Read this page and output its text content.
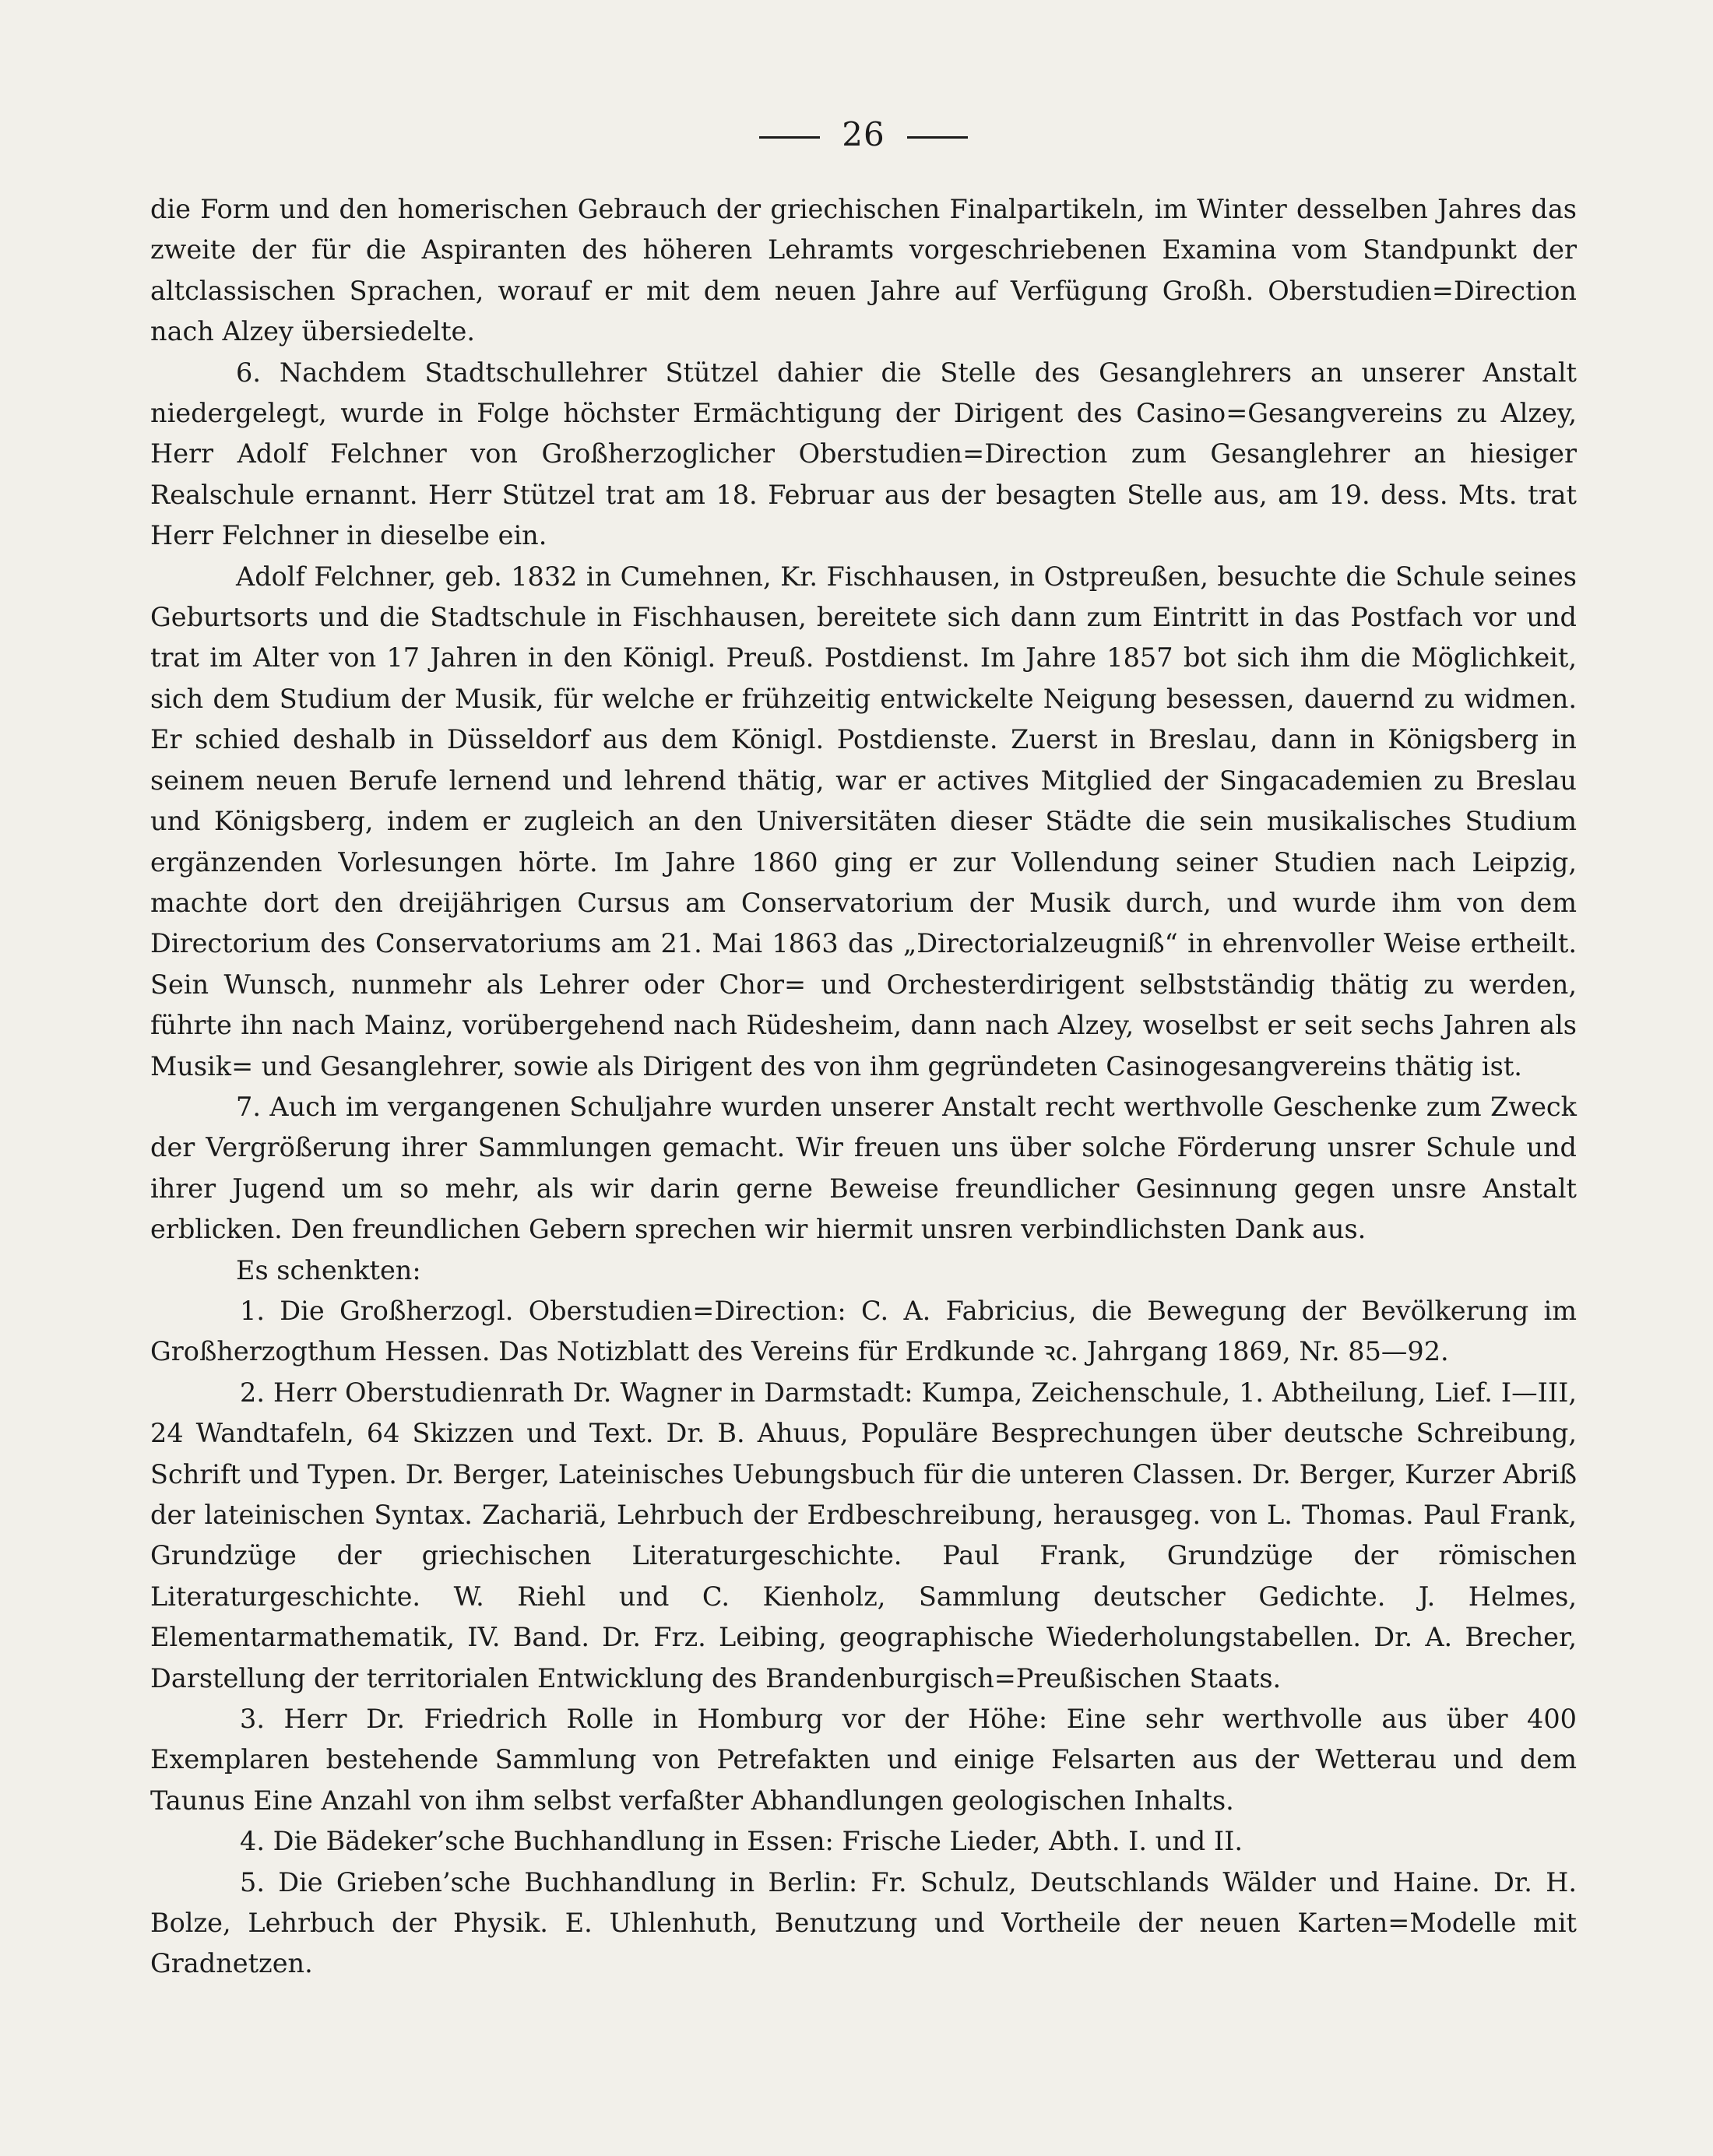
26

die Form und den homerischen Gebrauch der griechischen Finalpartikeln, im Winter desselben Jahres das zweite der für die Aspiranten des höheren Lehramts vorgeschriebenen Examina vom Standpunkt der altclassischen Sprachen, worauf er mit dem neuen Jahre auf Verfügung Großh. Oberstudien=Direction nach Alzey übersiedelte.

6. Nachdem Stadtschullehrer Stützel dahier die Stelle des Gesanglehrers an unserer Anstalt niedergelegt, wurde in Folge höchster Ermächtigung der Dirigent des Casino=Gesangvereins zu Alzey, Herr Adolf Felchner von Großherzoglicher Oberstudien=Direction zum Gesanglehrer an hiesiger Realschule ernannt. Herr Stützel trat am 18. Februar aus der besagten Stelle aus, am 19. dess. Mts. trat Herr Felchner in dieselbe ein.

Adolf Felchner, geb. 1832 in Cumehnen, Kr. Fischhausen, in Ostpreußen, besuchte die Schule seines Geburtsorts und die Stadtschule in Fischhausen, bereitete sich dann zum Eintritt in das Postfach vor und trat im Alter von 17 Jahren in den Königl. Preuß. Postdienst. Im Jahre 1857 bot sich ihm die Möglichkeit, sich dem Studium der Musik, für welche er frühzeitig entwickelte Neigung besessen, dauernd zu widmen. Er schied deshalb in Düsseldorf aus dem Königl. Postdienste. Zuerst in Breslau, dann in Königsberg in seinem neuen Berufe lernend und lehrend thätig, war er actives Mitglied der Singacademien zu Breslau und Königsberg, indem er zugleich an den Universitäten dieser Städte die sein musikalisches Studium ergänzenden Vorlesungen hörte. Im Jahre 1860 ging er zur Vollendung seiner Studien nach Leipzig, machte dort den dreijährigen Cursus am Conservatorium der Musik durch, und wurde ihm von dem Directorium des Conservatoriums am 21. Mai 1863 das „Directorialzeugniß“ in ehrenvoller Weise ertheilt. Sein Wunsch, nunmehr als Lehrer oder Chor= und Orchesterdirigent selbstständig thätig zu werden, führte ihn nach Mainz, vorübergehend nach Rüdesheim, dann nach Alzey, woselbst er seit sechs Jahren als Musik= und Gesanglehrer, sowie als Dirigent des von ihm gegründeten Casinogesangvereins thätig ist.

7. Auch im vergangenen Schuljahre wurden unserer Anstalt recht werthvolle Geschenke zum Zweck der Vergrößerung ihrer Sammlungen gemacht. Wir freuen uns über solche Förderung unsrer Schule und ihrer Jugend um so mehr, als wir darin gerne Beweise freundlicher Gesinnung gegen unsre Anstalt erblicken. Den freundlichen Gebern sprechen wir hiermit unsren verbindlichsten Dank aus.

Es schenkten:

1. Die Großherzogl. Oberstudien=Direction: C. A. Fabricius, die Bewegung der Bevölkerung im Großherzogthum Hessen. Das Notizblatt des Vereins für Erdkunde ꝛc. Jahrgang 1869, Nr. 85—92.

2. Herr Oberstudienrath Dr. Wagner in Darmstadt: Kumpa, Zeichenschule, 1. Abtheilung, Lief. I—III, 24 Wandtafeln, 64 Skizzen und Text. Dr. B. Ahuus, Populäre Besprechungen über deutsche Schreibung, Schrift und Typen. Dr. Berger, Lateinisches Uebungsbuch für die unteren Classen. Dr. Berger, Kurzer Abriß der lateinischen Syntax. Zachariä, Lehrbuch der Erdbeschreibung, herausgeg. von L. Thomas. Paul Frank, Grundzüge der griechischen Literaturgeschichte. Paul Frank, Grundzüge der römischen Literaturgeschichte. W. Riehl und C. Kienholz, Sammlung deutscher Gedichte. J. Helmes, Elementarmathematik, IV. Band. Dr. Frz. Leibing, geographische Wiederholungstabellen. Dr. A. Brecher, Darstellung der territorialen Entwicklung des Brandenburgisch=Preußischen Staats.

3. Herr Dr. Friedrich Rolle in Homburg vor der Höhe: Eine sehr werthvolle aus über 400 Exemplaren bestehende Sammlung von Petrefakten und einige Felsarten aus der Wetterau und dem Taunus Eine Anzahl von ihm selbst verfaßter Abhandlungen geologischen Inhalts.

4. Die Bädeker’sche Buchhandlung in Essen: Frische Lieder, Abth. I. und II.

5. Die Grieben’sche Buchhandlung in Berlin: Fr. Schulz, Deutschlands Wälder und Haine. Dr. H. Bolze, Lehrbuch der Physik. E. Uhlenhuth, Benutzung und Vortheile der neuen Karten=Modelle mit Gradnetzen.
